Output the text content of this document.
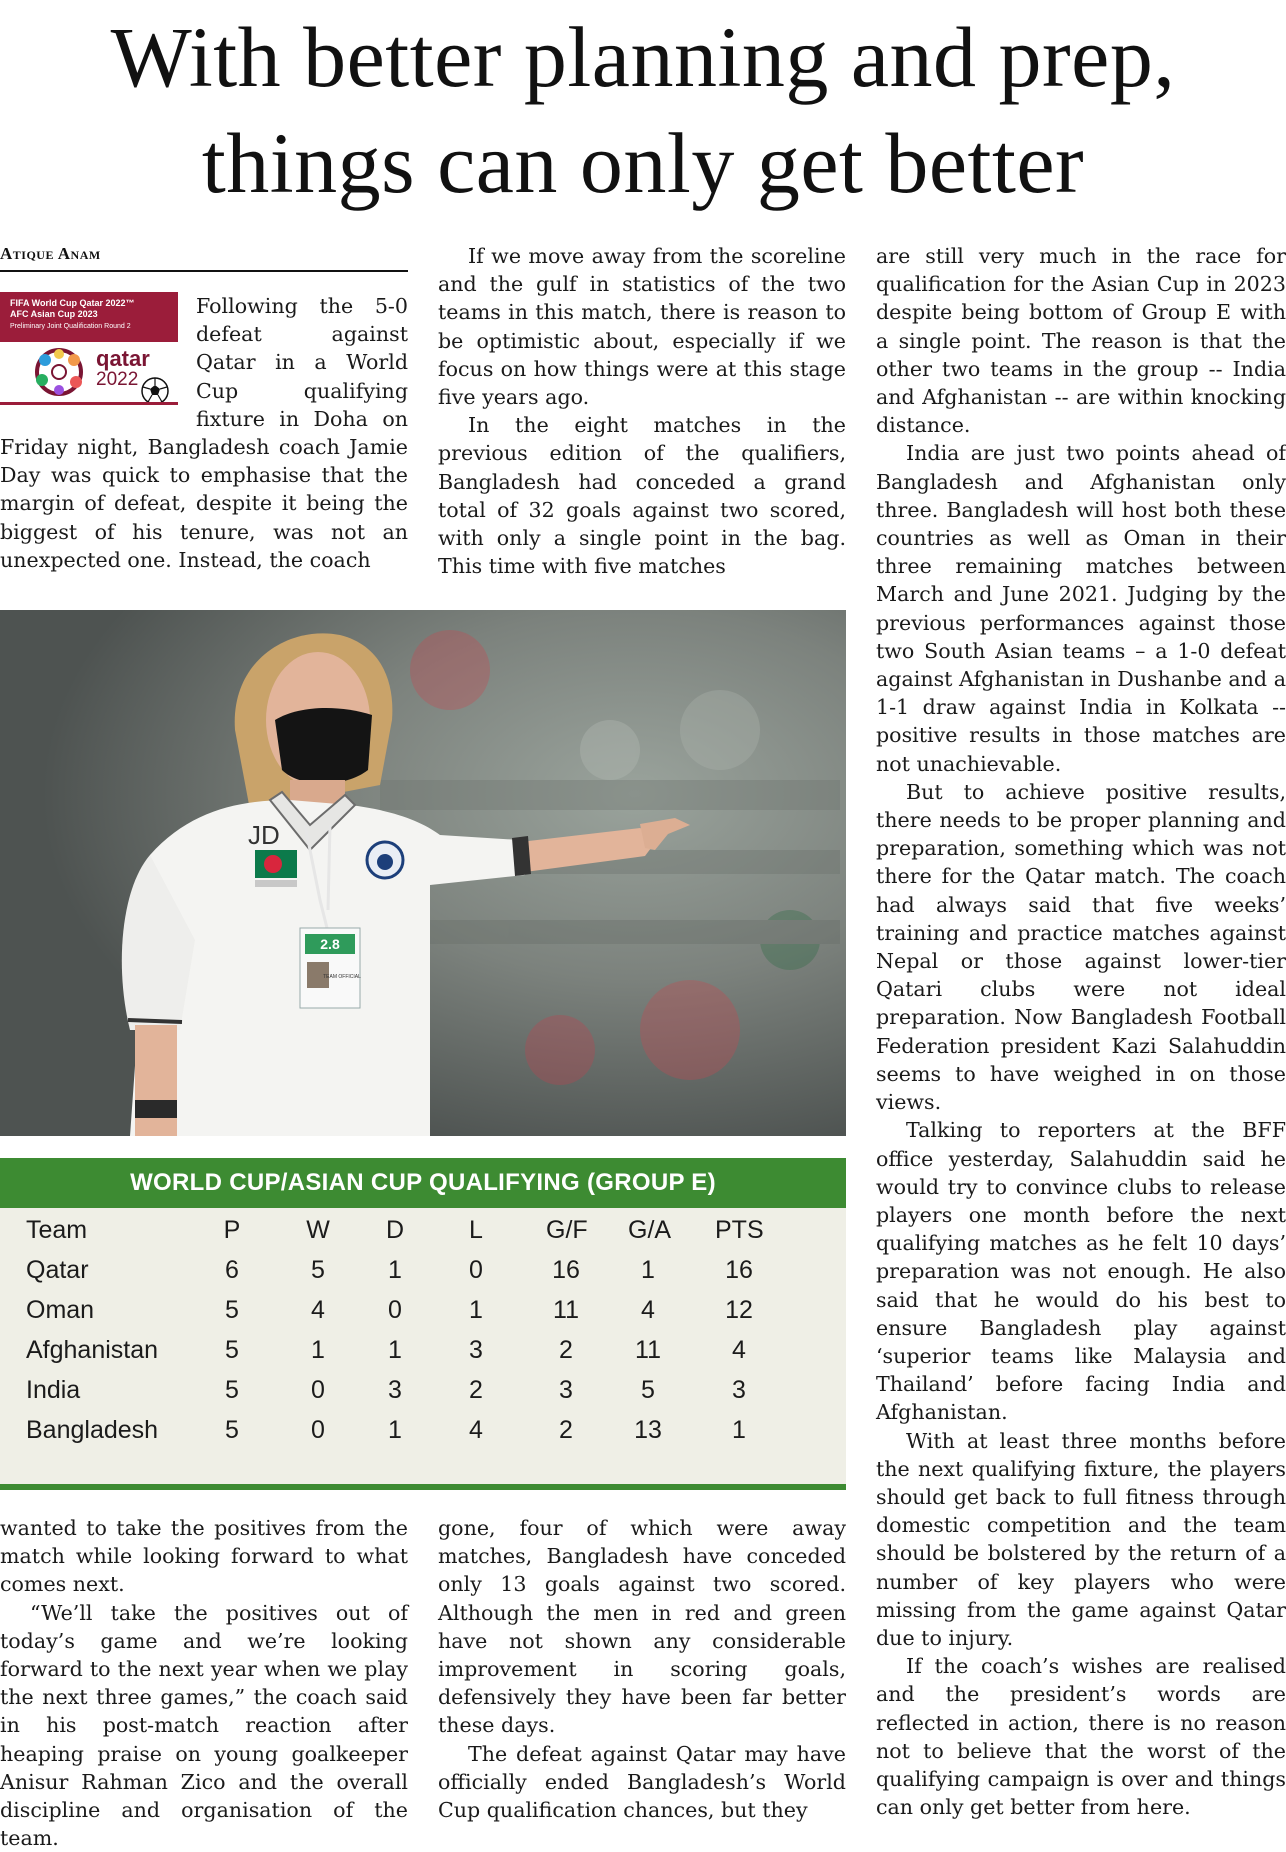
With better planning and prep,
things can only get better
Atique Anam
FIFA World Cup Qatar 2022™
AFC Asian Cup 2023
Preliminary Joint Qualification Round 2
qatar
2022

Following the 5-0 defeat against Qatar in a World Cup qualifying fixture in Doha on Friday night, Bangladesh coach Jamie Day was quick to emphasise that the margin of defeat, despite it being the biggest of his tenure, was not an unexpected one. Instead, the coach

If we move away from the scoreline and the gulf in statistics of the two teams in this match, there is reason to be optimistic about, especially if we focus on how things were at this stage five years ago.

In the eight matches in the previous edition of the qualifiers, Bangladesh had conceded a grand total of 32 goals against two scored, with only a single point in the bag. This time with five matches

are still very much in the race for qualification for the Asian Cup in 2023 despite being bottom of Group E with a single point. The reason is that the other two teams in the group -- India and Afghanistan -- are within knocking distance.

India are just two points ahead of Bangladesh and Afghanistan only three. Bangladesh will host both these countries as well as Oman in their three remaining matches between March and June 2021. Judging by the previous performances against those two South Asian teams – a 1-0 defeat against Afghanistan in Dushanbe and a 1-1 draw against India in Kolkata -- positive results in those matches are not unachievable.

But to achieve positive results, there needs to be proper planning and preparation, something which was not there for the Qatar match. The coach had always said that five weeks’ training and practice matches against Nepal or those against lower-tier Qatari clubs were not ideal preparation. Now Bangladesh Football Federation president Kazi Salahuddin seems to have weighed in on those views.

Talking to reporters at the BFF office yesterday, Salahuddin said he would try to convince clubs to release players one month before the next qualifying matches as he felt 10 days’ preparation was not enough. He also said that he would do his best to ensure Bangladesh play against ‘superior teams like Malaysia and Thailand’ before facing India and Afghanistan.

With at least three months before the next qualifying fixture, the players should get back to full fitness through domestic competition and the team should be bolstered by the return of a number of key players who were missing from the game against Qatar due to injury.

If the coach’s wishes are realised and the president’s words are reflected in action, there is no reason not to believe that the worst of the qualifying campaign is over and things can only get better from here.

JD
2.8
TEAM OFFICIAL
WORLD CUP/ASIAN CUP QUALIFYING (GROUP E)
Team	P	W	D	L	G/F G/A PTS
Qatar	6	5	1	0	16	1	16
Oman	5	4	0	1	11	4	12
Afghanistan	5	1	1	3	2	11	4
India	5	0	3	2	3	5	3
Bangladesh	5	0	1	4	2	13	1

wanted to take the positives from the match while looking forward to what comes next.

“We’ll take the positives out of today’s game and we’re looking forward to the next year when we play the next three games,” the coach said in his post-match reaction after heaping praise on young goalkeeper Anisur Rahman Zico and the overall discipline and organisation of the team.

gone, four of which were away matches, Bangladesh have conceded only 13 goals against two scored. Although the men in red and green have not shown any considerable improvement in scoring goals, defensively they have been far better these days.

The defeat against Qatar may have officially ended Bangladesh’s World Cup qualification chances, but they
